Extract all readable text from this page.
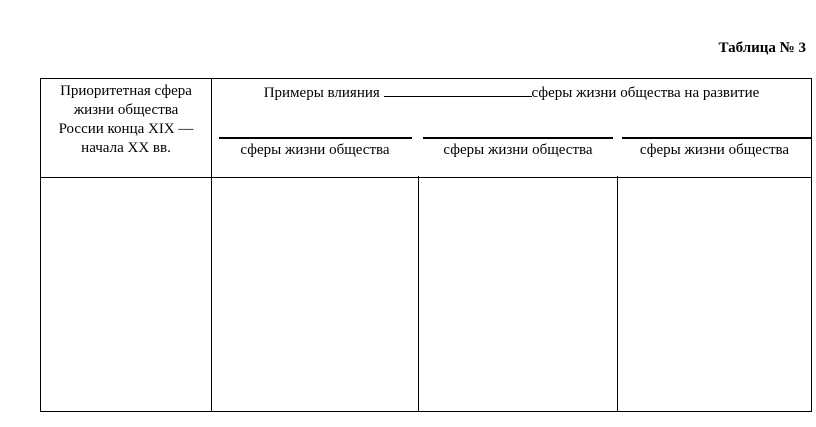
Таблица № 3
Приоритетная сфера
жизни общества
России конца XIX —
начала XX вв.
Примеры влияния	сферы жизни общества на развитие
сферы жизни общества	сферы жизни общества	сферы жизни общества
